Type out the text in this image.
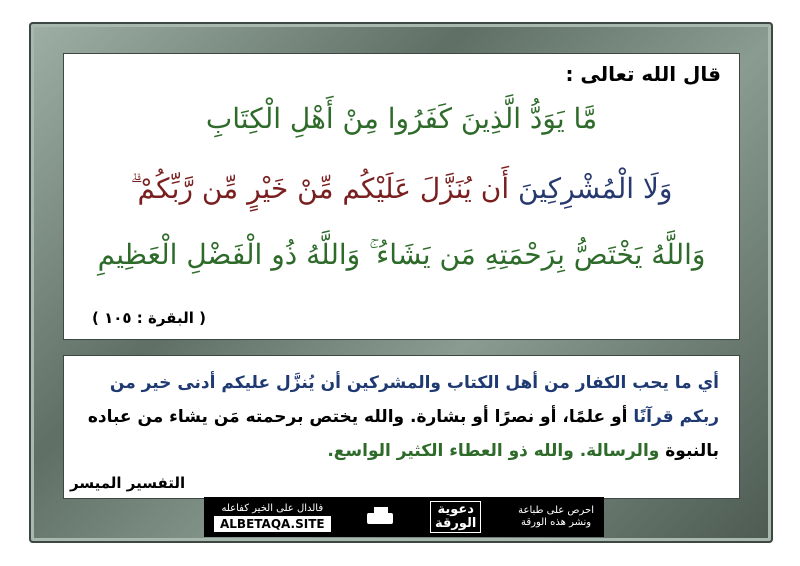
قال الله تعالى :
مَّا يَوَدُّ الَّذِينَ كَفَرُوا مِنْ أَهْلِ الْكِتَابِ
وَلَا الْمُشْرِكِينَ أَن يُنَزَّلَ عَلَيْكُم مِّنْ خَيْرٍ مِّن رَّبِّكُمْ ۗ
وَاللَّهُ يَخْتَصُّ بِرَحْمَتِهِ مَن يَشَاءُ ۚ وَاللَّهُ ذُو الْفَضْلِ الْعَظِيمِ
( البقرة : ١٠٥ )
أي ما يحب الكفار من أهل الكتاب والمشركين أن يُنزَّل عليكم أدنى خير من ربكم قرآنًا أو علمًا، أو نصرًا أو بشارة. والله يختص برحمته مَن يشاء من عباده بالنبوة والرسالة. والله ذو العطاء الكثير الواسع.
التفسير الميسر
فالدال على الخير كفاعله
ALBETAQA.SITE
دعوية
الورقة
احرص على طباعة
ونشر هذه الورقة
